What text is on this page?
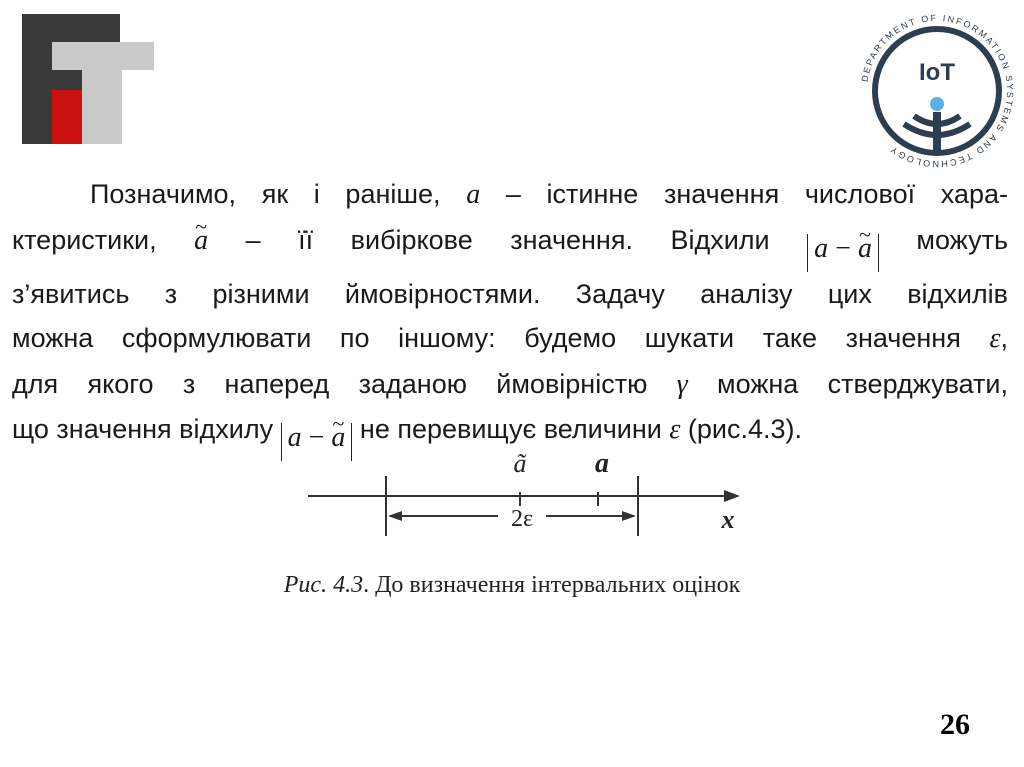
DEPARTMENT OF INFORMATION SYSTEMS AND TECHNOLOGY
IoT
Позначимо, як і раніше, a – істинне значення числової хара-
ктеристики, ~ a – її вибіркове значення. Відхили a − ~ a можуть
з’явитись з різними ймовірностями. Задачу аналізу цих відхилів
можна сформулювати по іншому: будемо шукати таке значення ε,
для якого з наперед заданою ймовірністю γ можна стверджувати,
що значення відхилу a − ~ a не перевищує величини ε (рис.4.3).
ã a
2ε	x
Рис. 4.3. До визначення інтервальних оцінок
26
